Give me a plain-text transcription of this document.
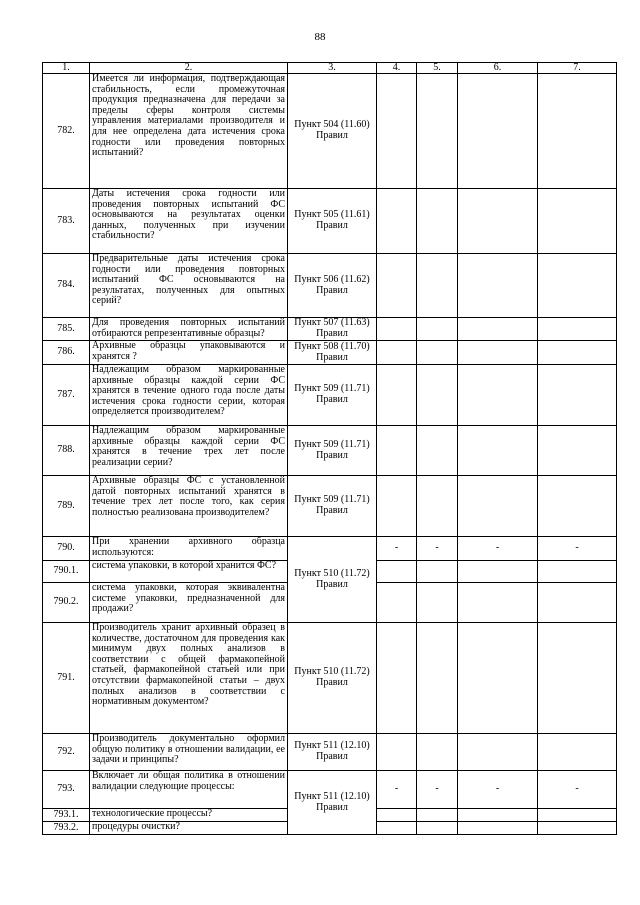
88
1.	2.	3.	4.	5.	6.	7.
782.	Имеется ли информация, подтверждающая стабильность, если промежуточная продукция предназначена для передачи за пределы сферы контроля системы управления материалами производителя и для нее определена дата истечения срока годности или проведения повторных испытаний?	Пункт 504 (11.60) Правил				
783.	Даты истечения срока годности или проведения повторных испытаний ФС основываются на результатах оценки данных, полученных при изучении стабильности?	Пункт 505 (11.61) Правил				
784.	Предварительные даты истечения срока годности или проведения повторных испытаний ФС основываются на результатах, полученных для опытных серий?	Пункт 506 (11.62) Правил				
785.	Для проведения повторных испытаний отбираются репрезентативные образцы?	Пункт 507 (11.63) Правил				
786.	Архивные образцы упаковываются и хранятся ?	Пункт 508 (11.70) Правил				
787.	Надлежащим образом маркированные архивные образцы каждой серии ФС хранятся в течение одного года после даты истечения срока годности серии, которая определяется производителем?	Пункт 509 (11.71) Правил				
788.	Надлежащим образом маркированные архивные образцы каждой серии ФС хранятся в течение трех лет после реализации серии?	Пункт 509 (11.71) Правил				
789.	Архивные образцы ФС с установленной датой повторных испытаний хранятся в течение трех лет после того, как серия полностью реализована производителем?	Пункт 509 (11.71) Правил				
790.	При хранении архивного образца используются:	Пункт 510 (11.72) Правил	-	-	-	-
790.1.	система упаковки, в которой хранится ФС?					
790.2.	система упаковки, которая эквивалентна системе упаковки, предназначенной для продажи?					
791.	Производитель хранит архивный образец в количестве, достаточном для проведения как минимум двух полных анализов в соответствии с общей фармакопейной статьей, фармакопейной статьей или при отсутствии фармакопейной статьи – двух полных анализов в соответствии с нормативным документом?	Пункт 510 (11.72) Правил				
792.	Производитель документально оформил общую политику в отношении валидации, ее задачи и принципы?	Пункт 511 (12.10) Правил				
793.	Включает ли общая политика в отношении валидации следующие процессы:	Пункт 511 (12.10) Правил	-	-	-	-
793.1.	технологические процессы?					
793.2.	процедуры очистки?					
